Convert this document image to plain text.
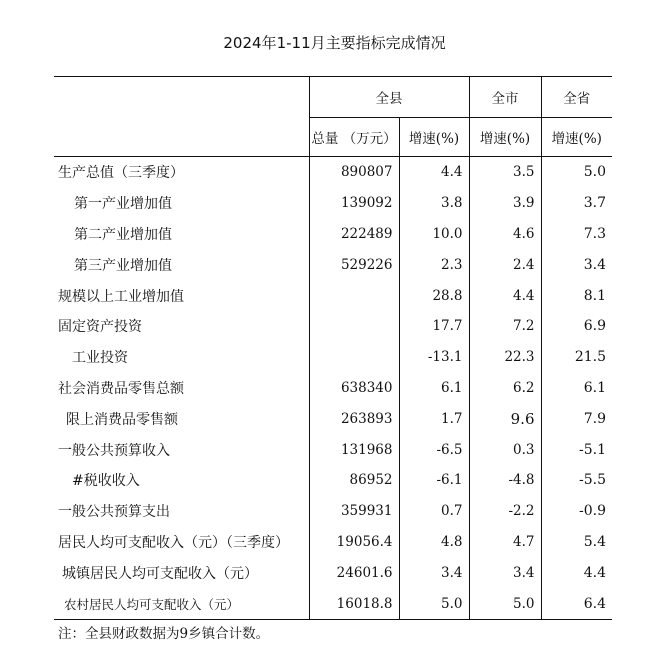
2024年1-11月主要指标完成情况
	全县		全市	全省
	总量 （万元）	增速(%)	增速(%)	增速(%)
生产总值（三季度）	890807	4.4	3.5	5.0
第一产业增加值	139092	3.8	3.9	3.7
第二产业增加值	222489	10.0	4.6	7.3
第三产业增加值	529226	2.3	2.4	3.4
规模以上工业增加值		28.8	4.4	8.1
固定资产投资		17.7	7.2	6.9
工业投资		-13.1	22.3	21.5
社会消费品零售总额	638340	6.1	6.2	6.1
限上消费品零售额	263893	1.7	9.6	7.9
一般公共预算收入	131968	-6.5	0.3	-5.1
#税收收入	86952	-6.1	-4.8	-5.5
一般公共预算支出	359931	0.7	-2.2	-0.9
居民人均可支配收入（元）（三季度）	19056.4	4.8	4.7	5.4
城镇居民人均可支配收入（元）	24601.6	3.4	3.4	4.4
农村居民人均可支配收入（元）	16018.8	5.0	5.0	6.4
注：全县财政数据为9乡镇合计数。
